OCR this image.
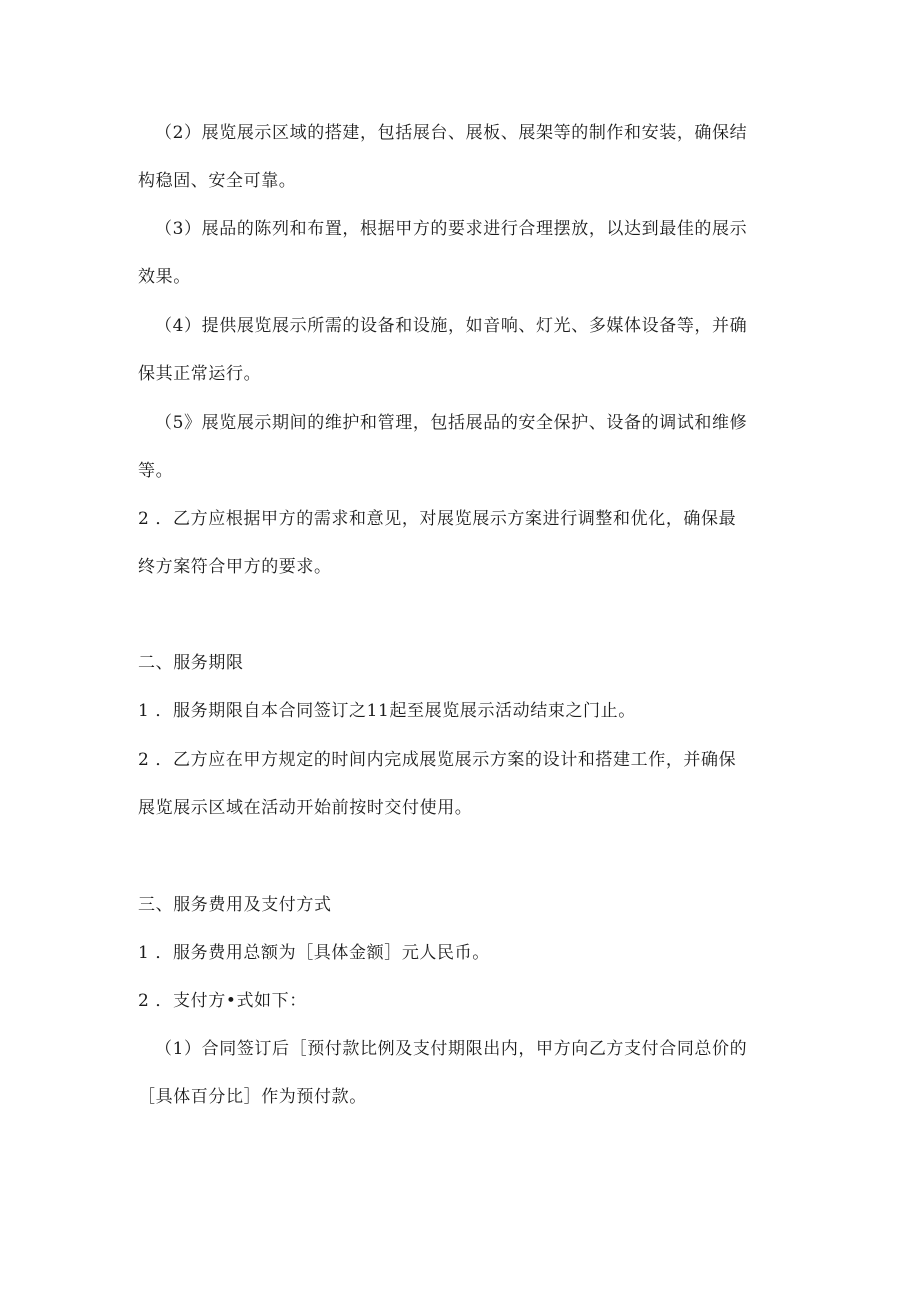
（2）展览展示区域的搭建，包括展台、展板、展架等的制作和安装，确保结
构稳固、安全可靠。
（3）展品的陈列和布置，根据甲方的要求进行合理摆放，以达到最佳的展示
效果。
（4）提供展览展示所需的设备和设施，如音响、灯光、多媒体设备等，并确
保其正常运行。
（5》展览展示期间的维护和管理，包括展品的安全保护、设备的调试和维修
等。
2 ．乙方应根据甲方的需求和意见，对展览展示方案进行调整和优化，确保最
终方案符合甲方的要求。
二、服务期限
1 ．服务期限自本合同签订之11起至展览展示活动结束之门止。
2 ．乙方应在甲方规定的时间内完成展览展示方案的设计和搭建工作，并确保
展览展示区域在活动开始前按时交付使用。
三、服务费用及支付方式
1 ．服务费用总额为［具体金额］元人民币。
2 ．支付方•式如下：
（1）合同签订后［预付款比例及支付期限出内，甲方向乙方支付合同总价的
［具体百分比］作为预付款。
